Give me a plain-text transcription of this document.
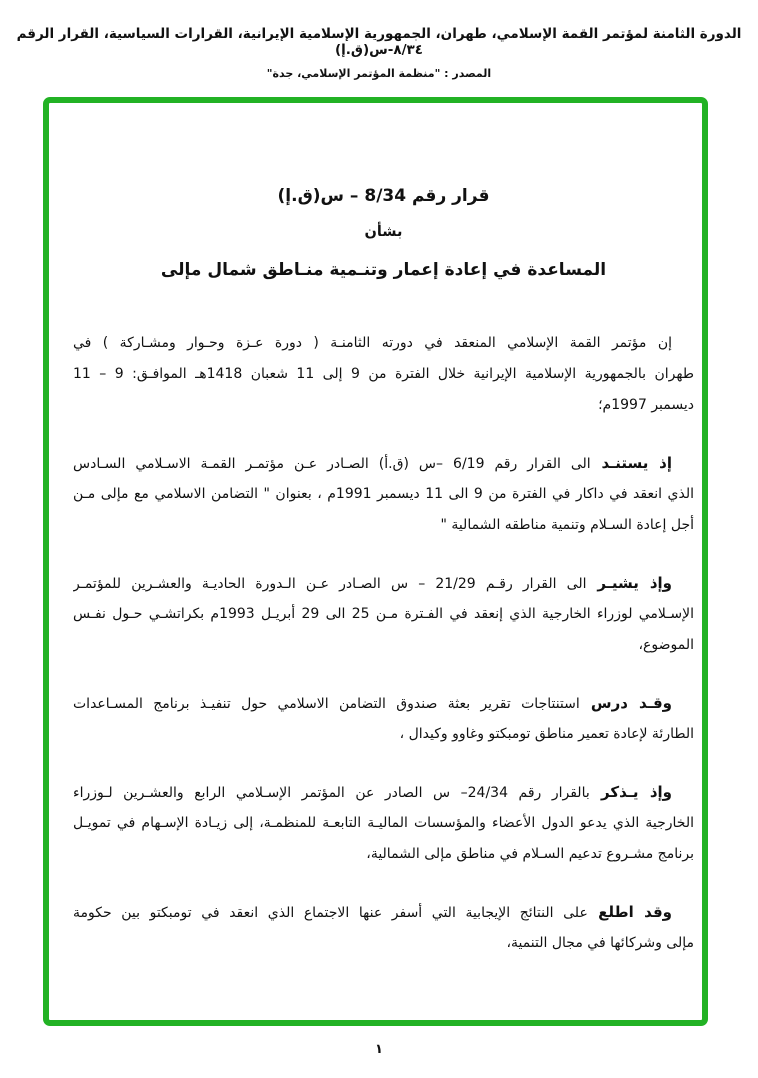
الدورة الثامنة لمؤتمر القمة الإسلامي، طهران، الجمهورية الإسلامية الإيرانية، القرارات السياسية، القرار الرقم ٨/٣٤-س(ق.إ)
المصدر : "منظمة المؤتمر الإسلامي، جدة"
قرار رقم 8/34 – س(ق.إ)
بشأن
المساعدة في إعادة إعمار وتنـمية منـاطق شمال مإلى
إن مؤتمر القمة الإسلامي المنعقد في دورته الثامنـة ( دورة عـزة وحـوار ومشـاركة ) في
طهران بالجمهورية الإسلامية الإيرانية خلال الفترة من 9 إلى 11 شعبان 1418هـ الموافـق: 9 – 11
ديسمبر 1997م؛
إذ يستنـد الى القرار رقم 6/19 –س (ق.أ) الصـادر عـن مؤتمـر القمـة الاسـلامي السـادس
الذي انعقد في داكار في الفترة من 9 الى 11 ديسمبر 1991م ، بعنوان " التضامن الاسلامي مع مإلى مـن
أجل إعادة السـلام وتنمية مناطقه الشمالية "
وإذ يشيـر الى القرار رقـم 21/29 – س الصـادر عـن الـدورة الحاديـة والعشـرين للمؤتمـر
الإسـلامي لوزراء الخارجية الذي إنعقد في الفـترة مـن 25 الى 29 أبريـل 1993م بكراتشـي حـول نفـس
الموضوع،
وقـد درس استنتاجات تقرير بعثة صندوق التضامن الاسلامي حول تنفيـذ برنامج المسـاعدات
الطارئة لإعادة تعمير مناطق تومبكتو وغاوو وكيدال ،
وإذ يـذكر بالقرار رقم 24/34– س الصادر عن المؤتمر الإسـلامي الرابع والعشـرين لـوزراء
الخارجية الذي يدعو الدول الأعضاء والمؤسسات الماليـة التابعـة للمنظمـة، إلى زيـادة الإسـهام في تمويـل
برنامج مشـروع تدعيم السـلام في مناطق مإلى الشمالية،
وقد اطلع على النتائج الإيجابية التي أسفر عنها الاجتماع الذي انعقد في تومبكتو بين حكومة
مإلى وشركائها في مجال التنمية،
١
